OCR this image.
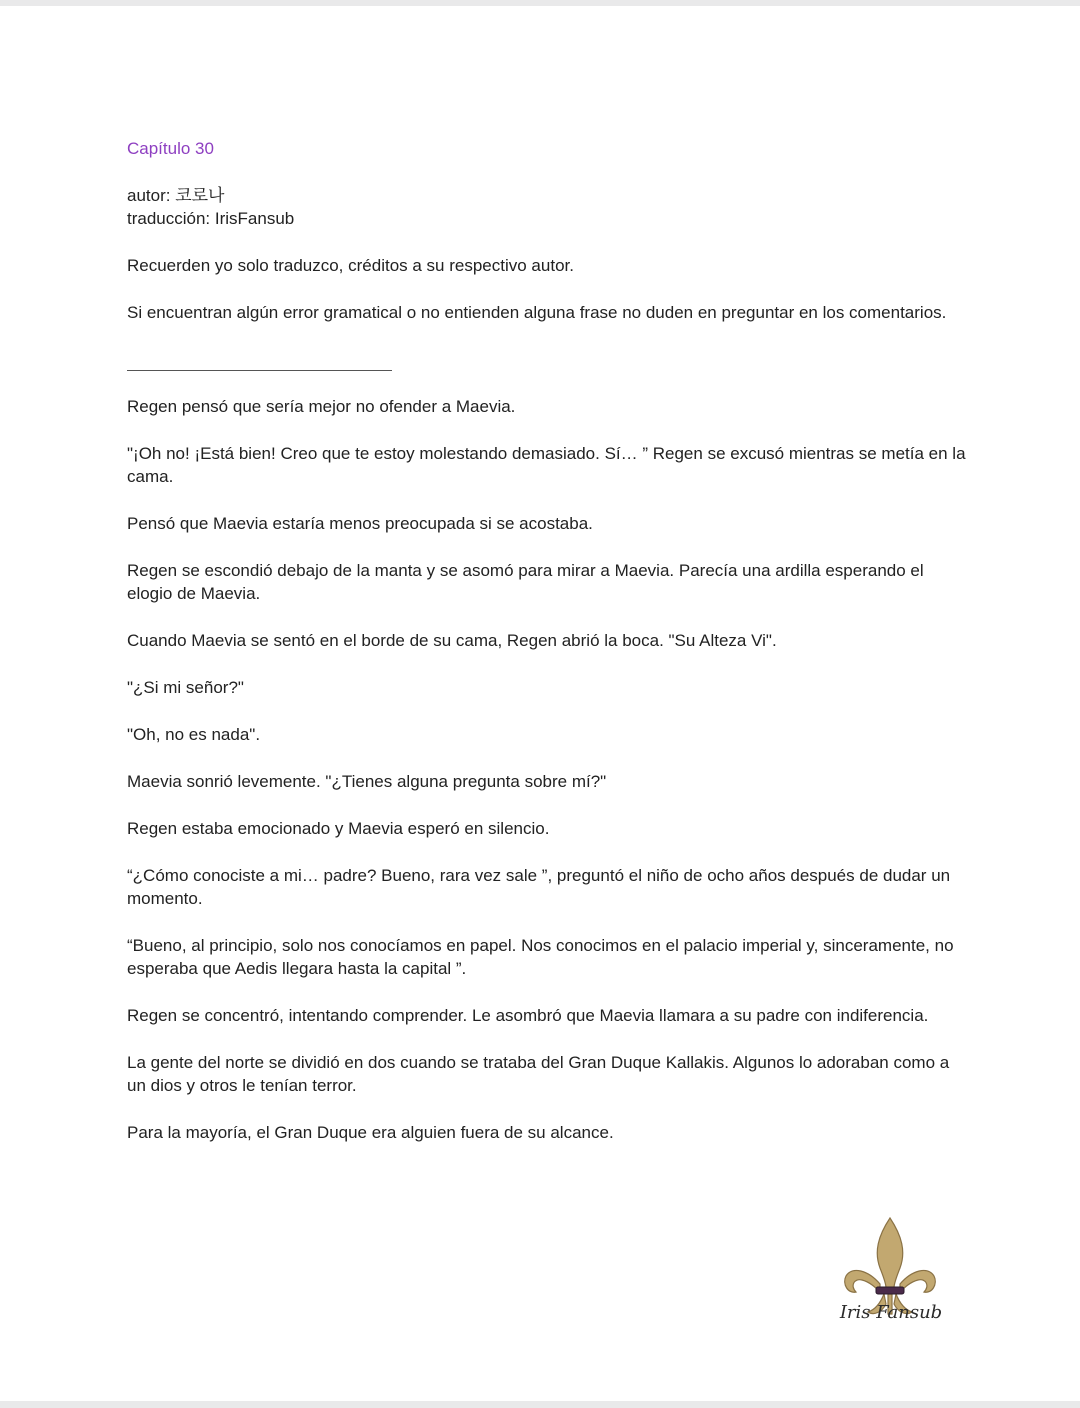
Capítulo 30

autor: 코로나

traducción: IrisFansub

Recuerden yo solo traduzco, créditos a su respectivo autor.

Si encuentran algún error gramatical o no entienden alguna frase no duden en preguntar en los comentarios.

Regen pensó que sería mejor no ofender a Maevia.

"¡Oh no! ¡Está bien! Creo que te estoy molestando demasiado. Sí… ” Regen se excusó mientras se metía en la cama.

Pensó que Maevia estaría menos preocupada si se acostaba.

Regen se escondió debajo de la manta y se asomó para mirar a Maevia. Parecía una ardilla esperando el elogio de Maevia.

Cuando Maevia se sentó en el borde de su cama, Regen abrió la boca. "Su Alteza Vi".

"¿Si mi señor?"

"Oh, no es nada".

Maevia sonrió levemente. "¿Tienes alguna pregunta sobre mí?"

Regen estaba emocionado y Maevia esperó en silencio.

“¿Cómo conociste a mi… padre? Bueno, rara vez sale ”, preguntó el niño de ocho años después de dudar un momento.

“Bueno, al principio, solo nos conocíamos en papel. Nos conocimos en el palacio imperial y, sinceramente, no esperaba que Aedis llegara hasta la capital ”.

Regen se concentró, intentando comprender. Le asombró que Maevia llamara a su padre con indiferencia.

La gente del norte se dividió en dos cuando se trataba del Gran Duque Kallakis. Algunos lo adoraban como a un dios y otros le tenían terror.

Para la mayoría, el Gran Duque era alguien fuera de su alcance.

Iris Fansub
